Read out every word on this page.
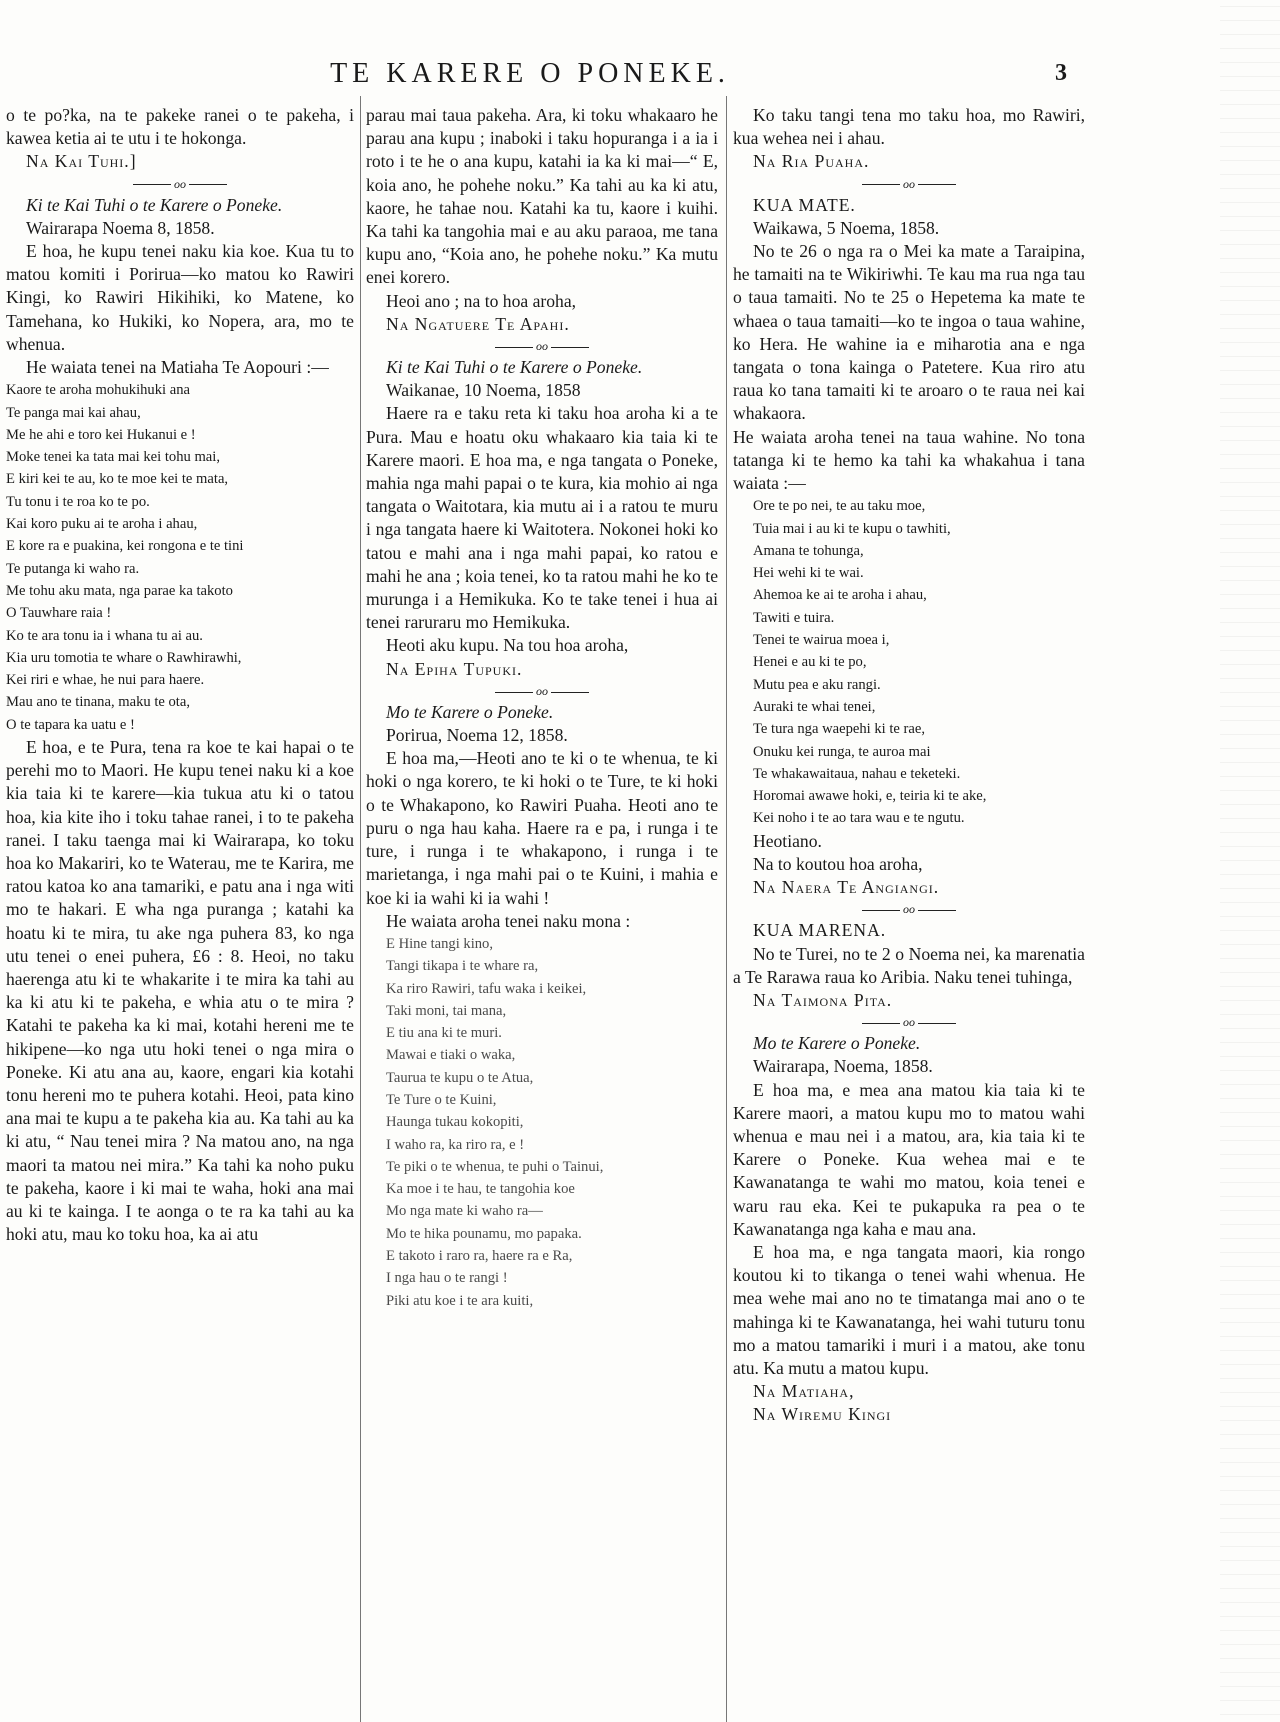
TE KARERE O PONEKE.	3

o te po?ka, na te pakeke ranei o te pakeha, i kawea ketia ai te utu i te hokonga.

Na Kai Tuhi.]

oo

Ki te Kai Tuhi o te Karere o Poneke.

Wairarapa Noema 8, 1858.

E hoa, he kupu tenei naku kia koe. Kua tu to matou komiti i Porirua—ko matou ko Rawiri Kingi, ko Rawiri Hikihiki, ko Matene, ko Tamehana, ko Hukiki, ko Nopera, ara, mo te whenua.

He waiata tenei na Matiaha Te Aopouri :—

Kaore te aroha mohukihuki ana
Te panga mai kai ahau,
Me he ahi e toro kei Hukanui e !
Moke tenei ka tata mai kei tohu mai,
E kiri kei te au, ko te moe kei te mata,
Tu tonu i te roa ko te po.
Kai koro puku ai te aroha i ahau,
E kore ra e puakina, kei rongona e te tini
Te putanga ki waho ra.
Me tohu aku mata, nga parae ka takoto
O Tauwhare raia !
Ko te ara tonu ia i whana tu ai au.
Kia uru tomotia te whare o Rawhirawhi,
Kei riri e whae, he nui para haere.
Mau ano te tinana, maku te ota,
O te tapara ka uatu e !

E hoa, e te Pura, tena ra koe te kai hapai o te perehi mo to Maori. He kupu tenei naku ki a koe kia taia ki te karere—kia tukua atu ki o tatou hoa, kia kite iho i toku tahae ranei, i to te pakeha ranei. I taku taenga mai ki Wairarapa, ko toku hoa ko Makariri, ko te Waterau, me te Karira, me ratou katoa ko ana tamariki, e patu ana i nga witi mo te hakari. E wha nga puranga ; katahi ka hoatu ki te mira, tu ake nga puhera 83, ko nga utu tenei o enei puhera, £6 : 8. Heoi, no taku haerenga atu ki te whakarite i te mira ka tahi au ka ki atu ki te pakeha, e whia atu o te mira ? Katahi te pakeha ka ki mai, kotahi hereni me te hikipene—ko nga utu hoki tenei o nga mira o Poneke. Ki atu ana au, kaore, engari kia kotahi tonu hereni mo te puhera kotahi. Heoi, pata kino ana mai te kupu a te pakeha kia au. Ka tahi au ka ki atu, “ Nau tenei mira ? Na matou ano, na nga maori ta matou nei mira.” Ka tahi ka noho puku te pakeha, kaore i ki mai te waha, hoki ana mai au ki te kainga. I te aonga o te ra ka tahi au ka hoki atu, mau ko toku hoa, ka ai atu

parau mai taua pakeha. Ara, ki toku whakaaro he parau ana kupu ; inaboki i taku hopuranga i a ia i roto i te he o ana kupu, katahi ia ka ki mai—“ E, koia ano, he pohehe noku.” Ka tahi au ka ki atu, kaore, he tahae nou. Katahi ka tu, kaore i kuihi. Ka tahi ka tangohia mai e au aku paraoa, me tana kupu ano, “Koia ano, he pohehe noku.” Ka mutu enei korero.

Heoi ano ; na to hoa aroha,

Na Ngatuere Te Apahi.

oo

Ki te Kai Tuhi o te Karere o Poneke.

Waikanae, 10 Noema, 1858

Haere ra e taku reta ki taku hoa aroha ki a te Pura. Mau e hoatu oku whakaaro kia taia ki te Karere maori. E hoa ma, e nga tangata o Poneke, mahia nga mahi papai o te kura, kia mohio ai nga tangata o Waitotara, kia mutu ai i a ratou te muru i nga tangata haere ki Waitotera. Nokonei hoki ko tatou e mahi ana i nga mahi papai, ko ratou e mahi he ana ; koia tenei, ko ta ratou mahi he ko te murunga i a Hemikuka. Ko te take tenei i hua ai tenei raruraru mo Hemikuka.

Heoti aku kupu. Na tou hoa aroha,

Na Epiha Tupuki.

oo

Mo te Karere o Poneke.

Porirua, Noema 12, 1858.

E hoa ma,—Heoti ano te ki o te whenua, te ki hoki o nga korero, te ki hoki o te Ture, te ki hoki o te Whakapono, ko Rawiri Puaha. Heoti ano te puru o nga hau kaha. Haere ra e pa, i runga i te ture, i runga i te whakapono, i runga i te marietanga, i nga mahi pai o te Kuini, i mahia e koe ki ia wahi ki ia wahi !

He waiata aroha tenei naku mona :

E Hine tangi kino,
Tangi tikapa i te whare ra,
Ka riro Rawiri, tafu waka i keikei,
Taki moni, tai mana,
E tiu ana ki te muri.
Mawai e tiaki o waka,
Taurua te kupu o te Atua,
Te Ture o te Kuini,
Haunga tukau kokopiti,
I waho ra, ka riro ra, e !
Te piki o te whenua, te puhi o Tainui,
Ka moe i te hau, te tangohia koe
Mo nga mate ki waho ra—
Mo te hika pounamu, mo papaka.
E takoto i raro ra, haere ra e Ra,
I nga hau o te rangi !
Piki atu koe i te ara kuiti,

Ko taku tangi tena mo taku hoa, mo Rawiri, kua wehea nei i ahau.

Na Ria Puaha.

oo

KUA MATE.

Waikawa, 5 Noema, 1858.

No te 26 o nga ra o Mei ka mate a Taraipina, he tamaiti na te Wikiriwhi. Te kau ma rua nga tau o taua tamaiti. No te 25 o Hepetema ka mate te whaea o taua tamaiti—ko te ingoa o taua wahine, ko Hera. He wahine ia e miharotia ana e nga tangata o tona kainga o Patetere. Kua riro atu raua ko tana tamaiti ki te aroaro o te raua nei kai whakaora.

He waiata aroha tenei na taua wahine. No tona tatanga ki te hemo ka tahi ka whakahua i tana waiata :—

Ore te po nei, te au taku moe,
Tuia mai i au ki te kupu o tawhiti,
Amana te tohunga,
Hei wehi ki te wai.
Ahemoa ke ai te aroha i ahau,
Tawiti e tuira.
Tenei te wairua moea i,
Henei e au ki te po,
Mutu pea e aku rangi.
Auraki te whai tenei,
Te tura nga waepehi ki te rae,
Onuku kei runga, te auroa mai
Te whakawaitaua, nahau e teketeki.
Horomai awawe hoki, e, teiria ki te ake,
Kei noho i te ao tara wau e te ngutu.

Heotiano.

Na to koutou hoa aroha,

Na Naera Te Angiangi.

oo

KUA MARENA.

No te Turei, no te 2 o Noema nei, ka marenatia a Te Rarawa raua ko Aribia. Naku tenei tuhinga,

Na Taimona Pita.

oo

Mo te Karere o Poneke.

Wairarapa, Noema, 1858.

E hoa ma, e mea ana matou kia taia ki te Karere maori, a matou kupu mo to matou wahi whenua e mau nei i a matou, ara, kia taia ki te Karere o Poneke. Kua wehea mai e te Kawanatanga te wahi mo matou, koia tenei e waru rau eka. Kei te pukapuka ra pea o te Kawanatanga nga kaha e mau ana.

E hoa ma, e nga tangata maori, kia rongo koutou ki to tikanga o tenei wahi whenua. He mea wehe mai ano no te timatanga mai ano o te mahinga ki te Kawanatanga, hei wahi tuturu tonu mo a matou tamariki i muri i a matou, ake tonu atu. Ka mutu a matou kupu.

Na Matiaha,

Na Wiremu Kingi
